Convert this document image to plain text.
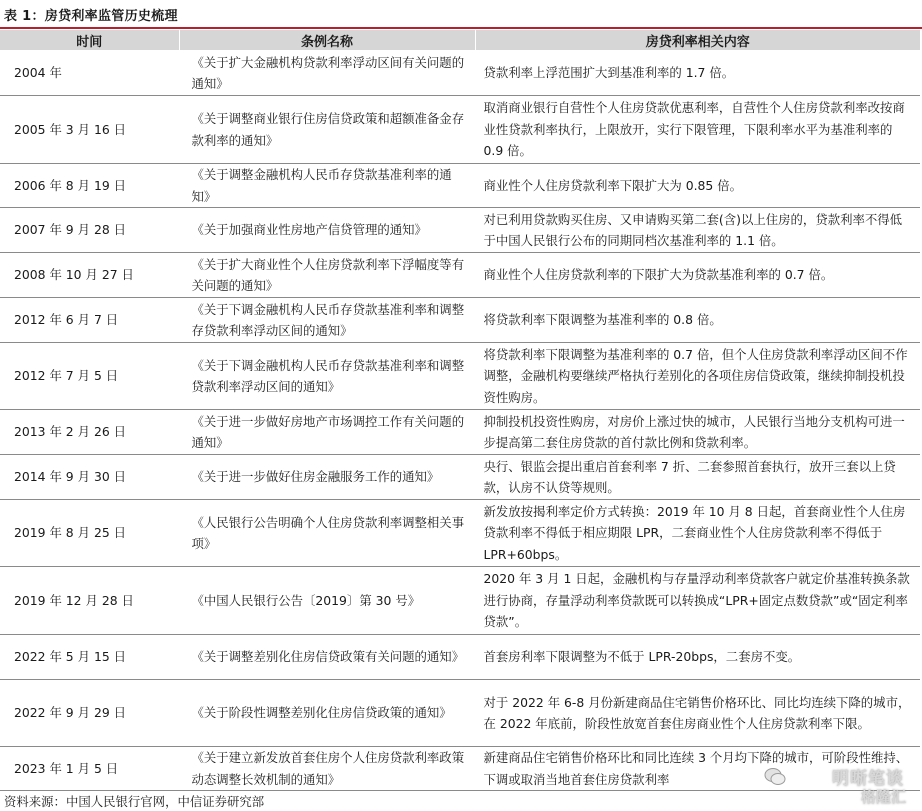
表 1：房贷利率监管历史梳理
时间	条例名称	房贷利率相关内容
2004 年	《关于扩大金融机构贷款利率浮动区间有关问题的通知》	贷款利率上浮范围扩大到基准利率的 1.7 倍。
2005 年 3 月 16 日	《关于调整商业银行住房信贷政策和超额准备金存款利率的通知》	取消商业银行自营性个人住房贷款优惠利率，自营性个人住房贷款利率改按商业性贷款利率执行，上限放开，实行下限管理，下限利率水平为基准利率的 0.9 倍。
2006 年 8 月 19 日	《关于调整金融机构人民币存贷款基准利率的通知》	商业性个人住房贷款利率下限扩大为 0.85 倍。
2007 年 9 月 28 日	《关于加强商业性房地产信贷管理的通知》	对已利用贷款购买住房、又申请购买第二套(含)以上住房的，贷款利率不得低于中国人民银行公布的同期同档次基准利率的 1.1 倍。
2008 年 10 月 27 日	《关于扩大商业性个人住房贷款利率下浮幅度等有关问题的通知》	商业性个人住房贷款利率的下限扩大为贷款基准利率的 0.7 倍。
2012 年 6 月 7 日	《关于下调金融机构人民币存贷款基准利率和调整存贷款利率浮动区间的通知》	将贷款利率下限调整为基准利率的 0.8 倍。
2012 年 7 月 5 日	《关于下调金融机构人民币存贷款基准利率和调整贷款利率浮动区间的通知》	将贷款利率下限调整为基准利率的 0.7 倍，但个人住房贷款利率浮动区间不作调整，金融机构要继续严格执行差别化的各项住房信贷政策，继续抑制投机投资性购房。
2013 年 2 月 26 日	《关于进一步做好房地产市场调控工作有关问题的通知》	抑制投机投资性购房，对房价上涨过快的城市，人民银行当地分支机构可进一步提高第二套住房贷款的首付款比例和贷款利率。
2014 年 9 月 30 日	《关于进一步做好住房金融服务工作的通知》	央行、银监会提出重启首套利率 7 折、二套参照首套执行，放开三套以上贷款，认房不认贷等规则。
2019 年 8 月 25 日	《人民银行公告明确个人住房贷款利率调整相关事项》	新发放按揭利率定价方式转换：2019 年 10 月 8 日起，首套商业性个人住房贷款利率不得低于相应期限 LPR，二套商业性个人住房贷款利率不得低于 LPR+60bps。
2019 年 12 月 28 日	《中国人民银行公告〔2019〕第 30 号》	2020 年 3 月 1 日起，金融机构与存量浮动利率贷款客户就定价基准转换条款进行协商，存量浮动利率贷款既可以转换成“LPR+固定点数贷款”或“固定利率贷款”。
2022 年 5 月 15 日	《关于调整差别化住房信贷政策有关问题的通知》	首套房利率下限调整为不低于 LPR-20bps，二套房不变。
2022 年 9 月 29 日	《关于阶段性调整差别化住房信贷政策的通知》	对于 2022 年 6-8 月份新建商品住宅销售价格环比、同比均连续下降的城市，在 2022 年底前，阶段性放宽首套住房商业性个人住房贷款利率下限。
2023 年 1 月 5 日	《关于建立新发放首套住房个人住房贷款利率政策动态调整长效机制的通知》	新建商品住宅销售价格环比和同比连续 3 个月均下降的城市，可阶段性维持、下调或取消当地首套住房贷款利率
资料来源：中国人民银行官网，中信证券研究部
明晰笔谈
格隆汇
